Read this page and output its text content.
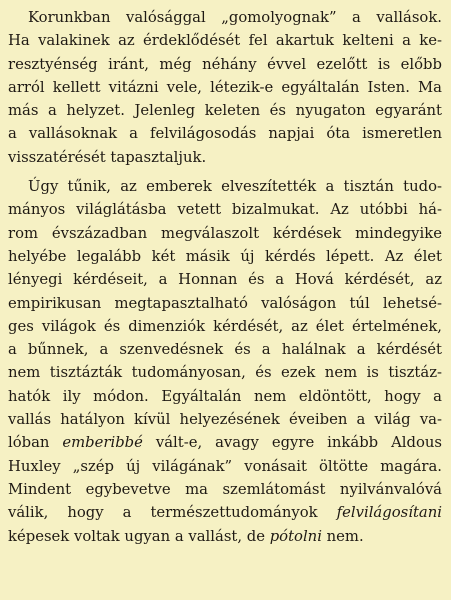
Korunkban valósággal „gomolyognak” a vallások.
Ha valakinek az érdeklődését fel akartuk kelteni a ke-
resztyénség iránt, még néhány évvel ezelőtt is előbb
arról kellett vitázni vele, létezik-e egyáltalán Isten. Ma
más a helyzet. Jelenleg keleten és nyugaton egyaránt
a vallásoknak a felvilágosodás napjai óta ismeretlen
visszatérését tapasztaljuk.
Úgy tűnik, az emberek elveszítették a tisztán tudo-
mányos világlátásba vetett bizalmukat. Az utóbbi há-
rom évszázadban megválaszolt kérdések mindegyike
helyébe legalább két másik új kérdés lépett. Az élet
lényegi kérdéseit, a Honnan és a Hová kérdését, az
empirikusan megtapasztalható valóságon túl lehetsé-
ges világok és dimenziók kérdését, az élet értelmének,
a bűnnek, a szenvedésnek és a halálnak a kérdését
nem tisztázták tudományosan, és ezek nem is tisztáz-
hatók ily módon. Egyáltalán nem eldöntött, hogy a
vallás hatályon kívül helyezésének éveiben a világ va-
lóban emberibbé vált-e, avagy egyre inkább Aldous
Huxley „szép új világának” vonásait öltötte magára.
Mindent egybevetve ma szemlátomást nyilvánvalóvá
válik, hogy a természettudományok felvilágosítani
képesek voltak ugyan a vallást, de pótolni nem.
